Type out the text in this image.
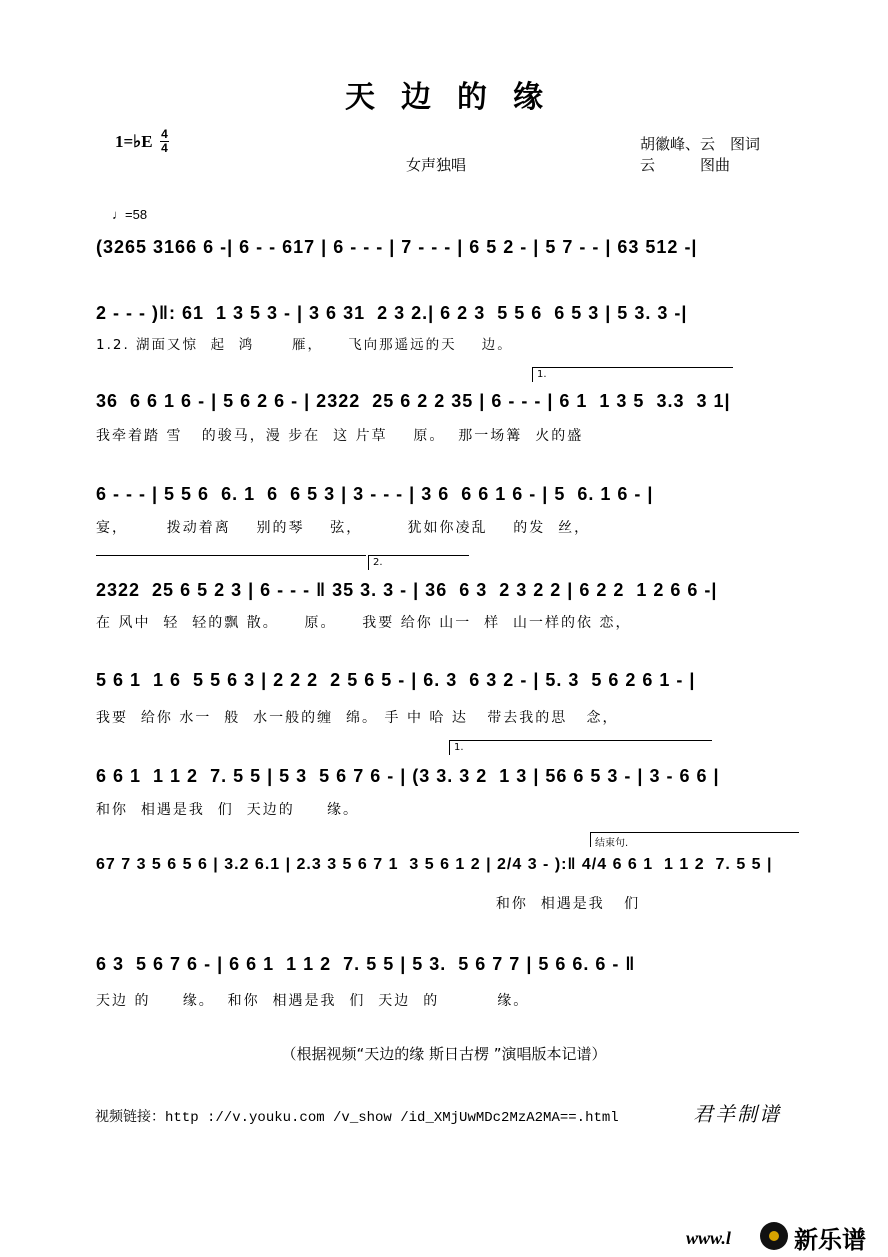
天边的缘
1=♭E 4
4
女声独唱
胡徽峰、云　图词
云　　　图曲
♩=58
(3265 3166 6 -| 6 - - 617 | 6 - - - | 7 - - - | 6 5 2 - | 5 7 - - | 63 512 -|
2 - - - )‖: 61  1 3 5 3 - | 3 6 31  2 3 2.| 6 2 3  5 5 6  6 5 3 | 5 3. 3 -|
1.2. 湖面又惊  起  鸿      雁，    飞向那遥远的天    边。
1.
36  6 6 1 6 - | 5 6 2 6 - | 2322  25 6 2 2 35 | 6 - - - | 6 1  1 3 5  3.3  3 1|
我牵着踏 雪   的骏马，漫 步在  这 片草    原。  那一场篝  火的盛
6 - - - | 5 5 6  6. 1  6  6 5 3 | 3 - - - | 3 6  6 6 1 6 - | 5  6. 1 6 - |
宴，      拨动着离    别的琴    弦，       犹如你凌乱    的发  丝，
2.
2322  25 6 5 2 3 | 6 - - - ‖ 35 3. 3 - | 36  6 3  2 3 2 2 | 6 2 2  1 2 6 6 -|
在 风中  轻  轻的飘 散。    原。    我要 给你 山一  样  山一样的依 恋，
5 6 1  1 6  5 5 6 3 | 2 2 2  2 5 6 5 - | 6. 3  6 3 2 - | 5. 3  5 6 2 6 1 - |
我要  给你 水一  般  水一般的缠  绵。 手 中 哈 达   带去我的思   念，
1.
6 6 1  1 1 2  7. 5 5 | 5 3  5 6 7 6 - | (3 3. 3 2  1 3 | 56 6 5 3 - | 3 - 6 6 |
和你  相遇是我  们  天边的     缘。
结束句.
67 7 3 5 6 5 6 | 3.2 6.1 | 2.3 3 5 6 7 1  3 5 6 1 2 | 2/4 3 - ):‖ 4/4 6 6 1  1 1 2  7. 5 5 |
和你  相遇是我   们
6 3  5 6 7 6 - | 6 6 1  1 1 2  7. 5 5 | 5 3.  5 6 7 7 | 5 6 6. 6 - ‖
天边 的     缘。  和你  相遇是我  们  天边  的         缘。
（根据视频“天边的缘 斯日古楞 ”演唱版本记谱）
视频链接：http ://v.youku.com /v_show /id_XMjUwMDc2MzA2MA==.html	君羊制谱
www.l	新乐谱
